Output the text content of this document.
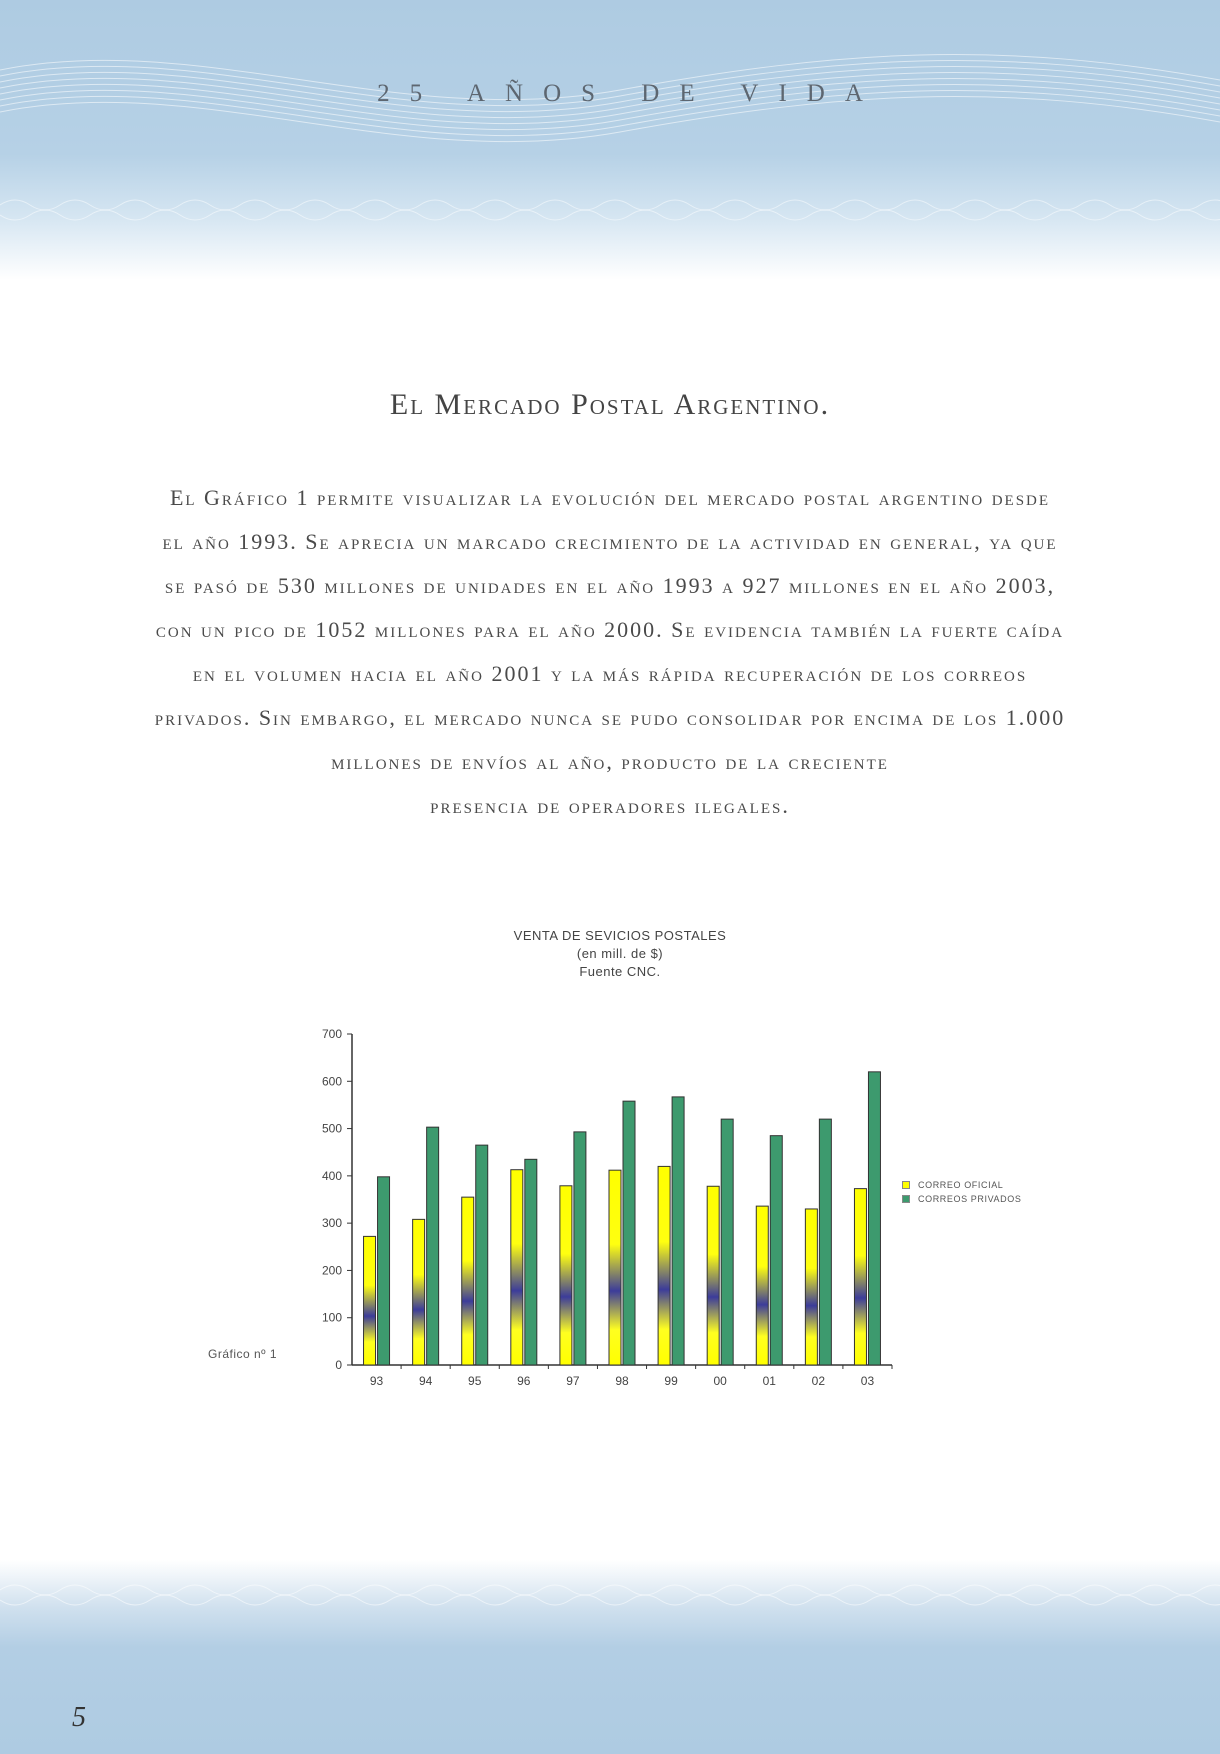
25 AÑOS DE VIDA
El Mercado Postal Argentino.

El Gráfico 1 permite visualizar la evolución del mercado postal argentino desde

el año 1993. Se aprecia un marcado crecimiento de la actividad en general, ya que

se pasó de 530 millones de unidades en el año 1993 a 927 millones en el año 2003,

con un pico de 1052 millones para el año 2000. Se evidencia también la fuerte caída

en el volumen hacia el año 2001 y la más rápida recuperación de los correos

privados. Sin embargo, el mercado nunca se pudo consolidar por encima de los 1.000

millones de envíos al año, producto de la creciente

presencia de operadores ilegales.

VENTA DE SEVICIOS POSTALES
(en mill. de $)
Fuente CNC.
0
100
200
300
400
500
600
700
93	94	95	96	97	98	99	00	01	02	03
CORREO OFICIAL
CORREOS PRIVADOS
Gráfico nº 1
5
